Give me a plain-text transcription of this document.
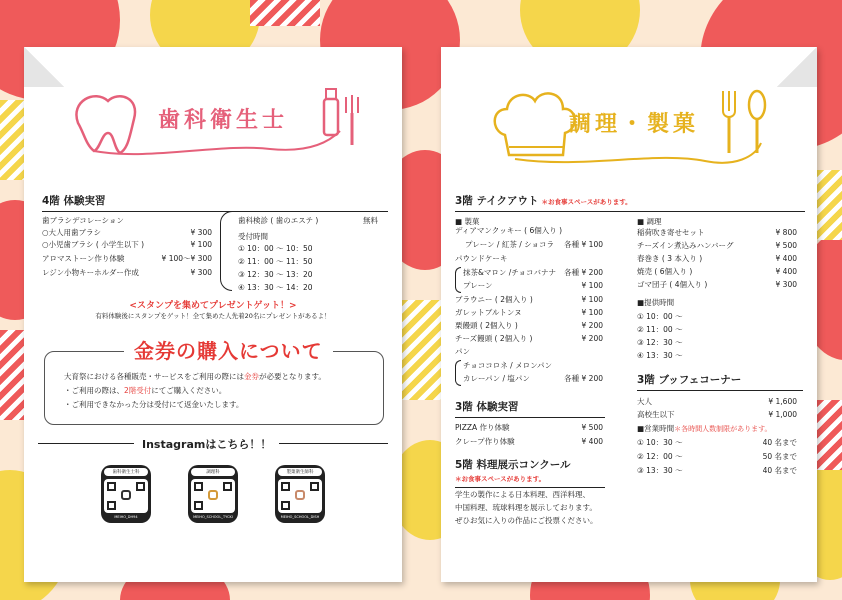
歯科衛生士
4階 体験実習
歯ブラシデコレーション
○大人用歯ブラシ	¥ 300
○小児歯ブラシ ( 小学生以下 )	¥ 100
アロマストーン作り体験	¥ 100～¥ 300
レジン小物キーホルダー作成	¥ 300
歯科検診 ( 歯のエステ )	無料
受付時間
① 10：00 ～ 10：50
② 11：00 ～ 11：50
③ 12：30 ～ 13：20
④ 13：30 ～ 14：20
<スタンプを集めてプレゼントゲット！>
有料体験後にスタンプをゲット！全て集めた人先着20名にプレゼントがあるよ！
金券の購入について
大育祭における各種販売・サービスをご利用の際には金券が必要となります。
・ご利用の際は、2階受付にてご購入ください。
・ご利用できなかった分は受付にて返金いたします。
Instagramはこちら！！
歯科衛生士科
MEIHO_DH94
調理科
MEIHO_SCHOOL_TYCKI
製菓衛生師科
MEIHO_SCHOOL_DISH
調理・製菓
3階 テイクアウト ＊お食事スペースがあります。
■ 製菓
ディアマンクッキー ( 6個入り )
プレーン / 紅茶 / ショコラ 各種 ¥ 100
パウンドケーキ
抹茶&マロン /チョコバナナ 各種 ¥ 200
プレーン	¥ 100
ブラウニー ( 2個入り )	¥ 100
ガレットブルトンヌ	¥ 100
栗饅頭 ( 2個入り )	¥ 200
チーズ饅頭 ( 2個入り )	¥ 200
パン
チョココロネ / メロンパン
カレーパン / 塩パン	各種 ¥ 200
■ 調理
稲荷吹き寄せセット	¥ 800
チーズイン煮込みハンバーグ	¥ 500
春巻き ( 3 本入り )	¥ 400
焼売 ( 6個入り )	¥ 400
ゴマ団子 ( 4個入り )	¥ 300
■提供時間
① 10：00 ～
② 11：00 ～
③ 12：30 ～
④ 13：30 ～
3階 体験実習
PIZZA 作り体験	¥ 500
クレープ作り体験	¥ 400
5階 料理展示コンクール
＊お食事スペースがあります。
学生の製作による日本料理、西洋料理、
中国料理、琉球料理を展示しております。
ぜひお気に入りの作品にご投票ください。
3階 ブッフェコーナー
大人	¥ 1,600
高校生以下	¥ 1,000
■営業時間＊各時間人数制限があります。
① 10：30 ～	40 名まで
② 12：00 ～	50 名まで
③ 13：30 ～	40 名まで
